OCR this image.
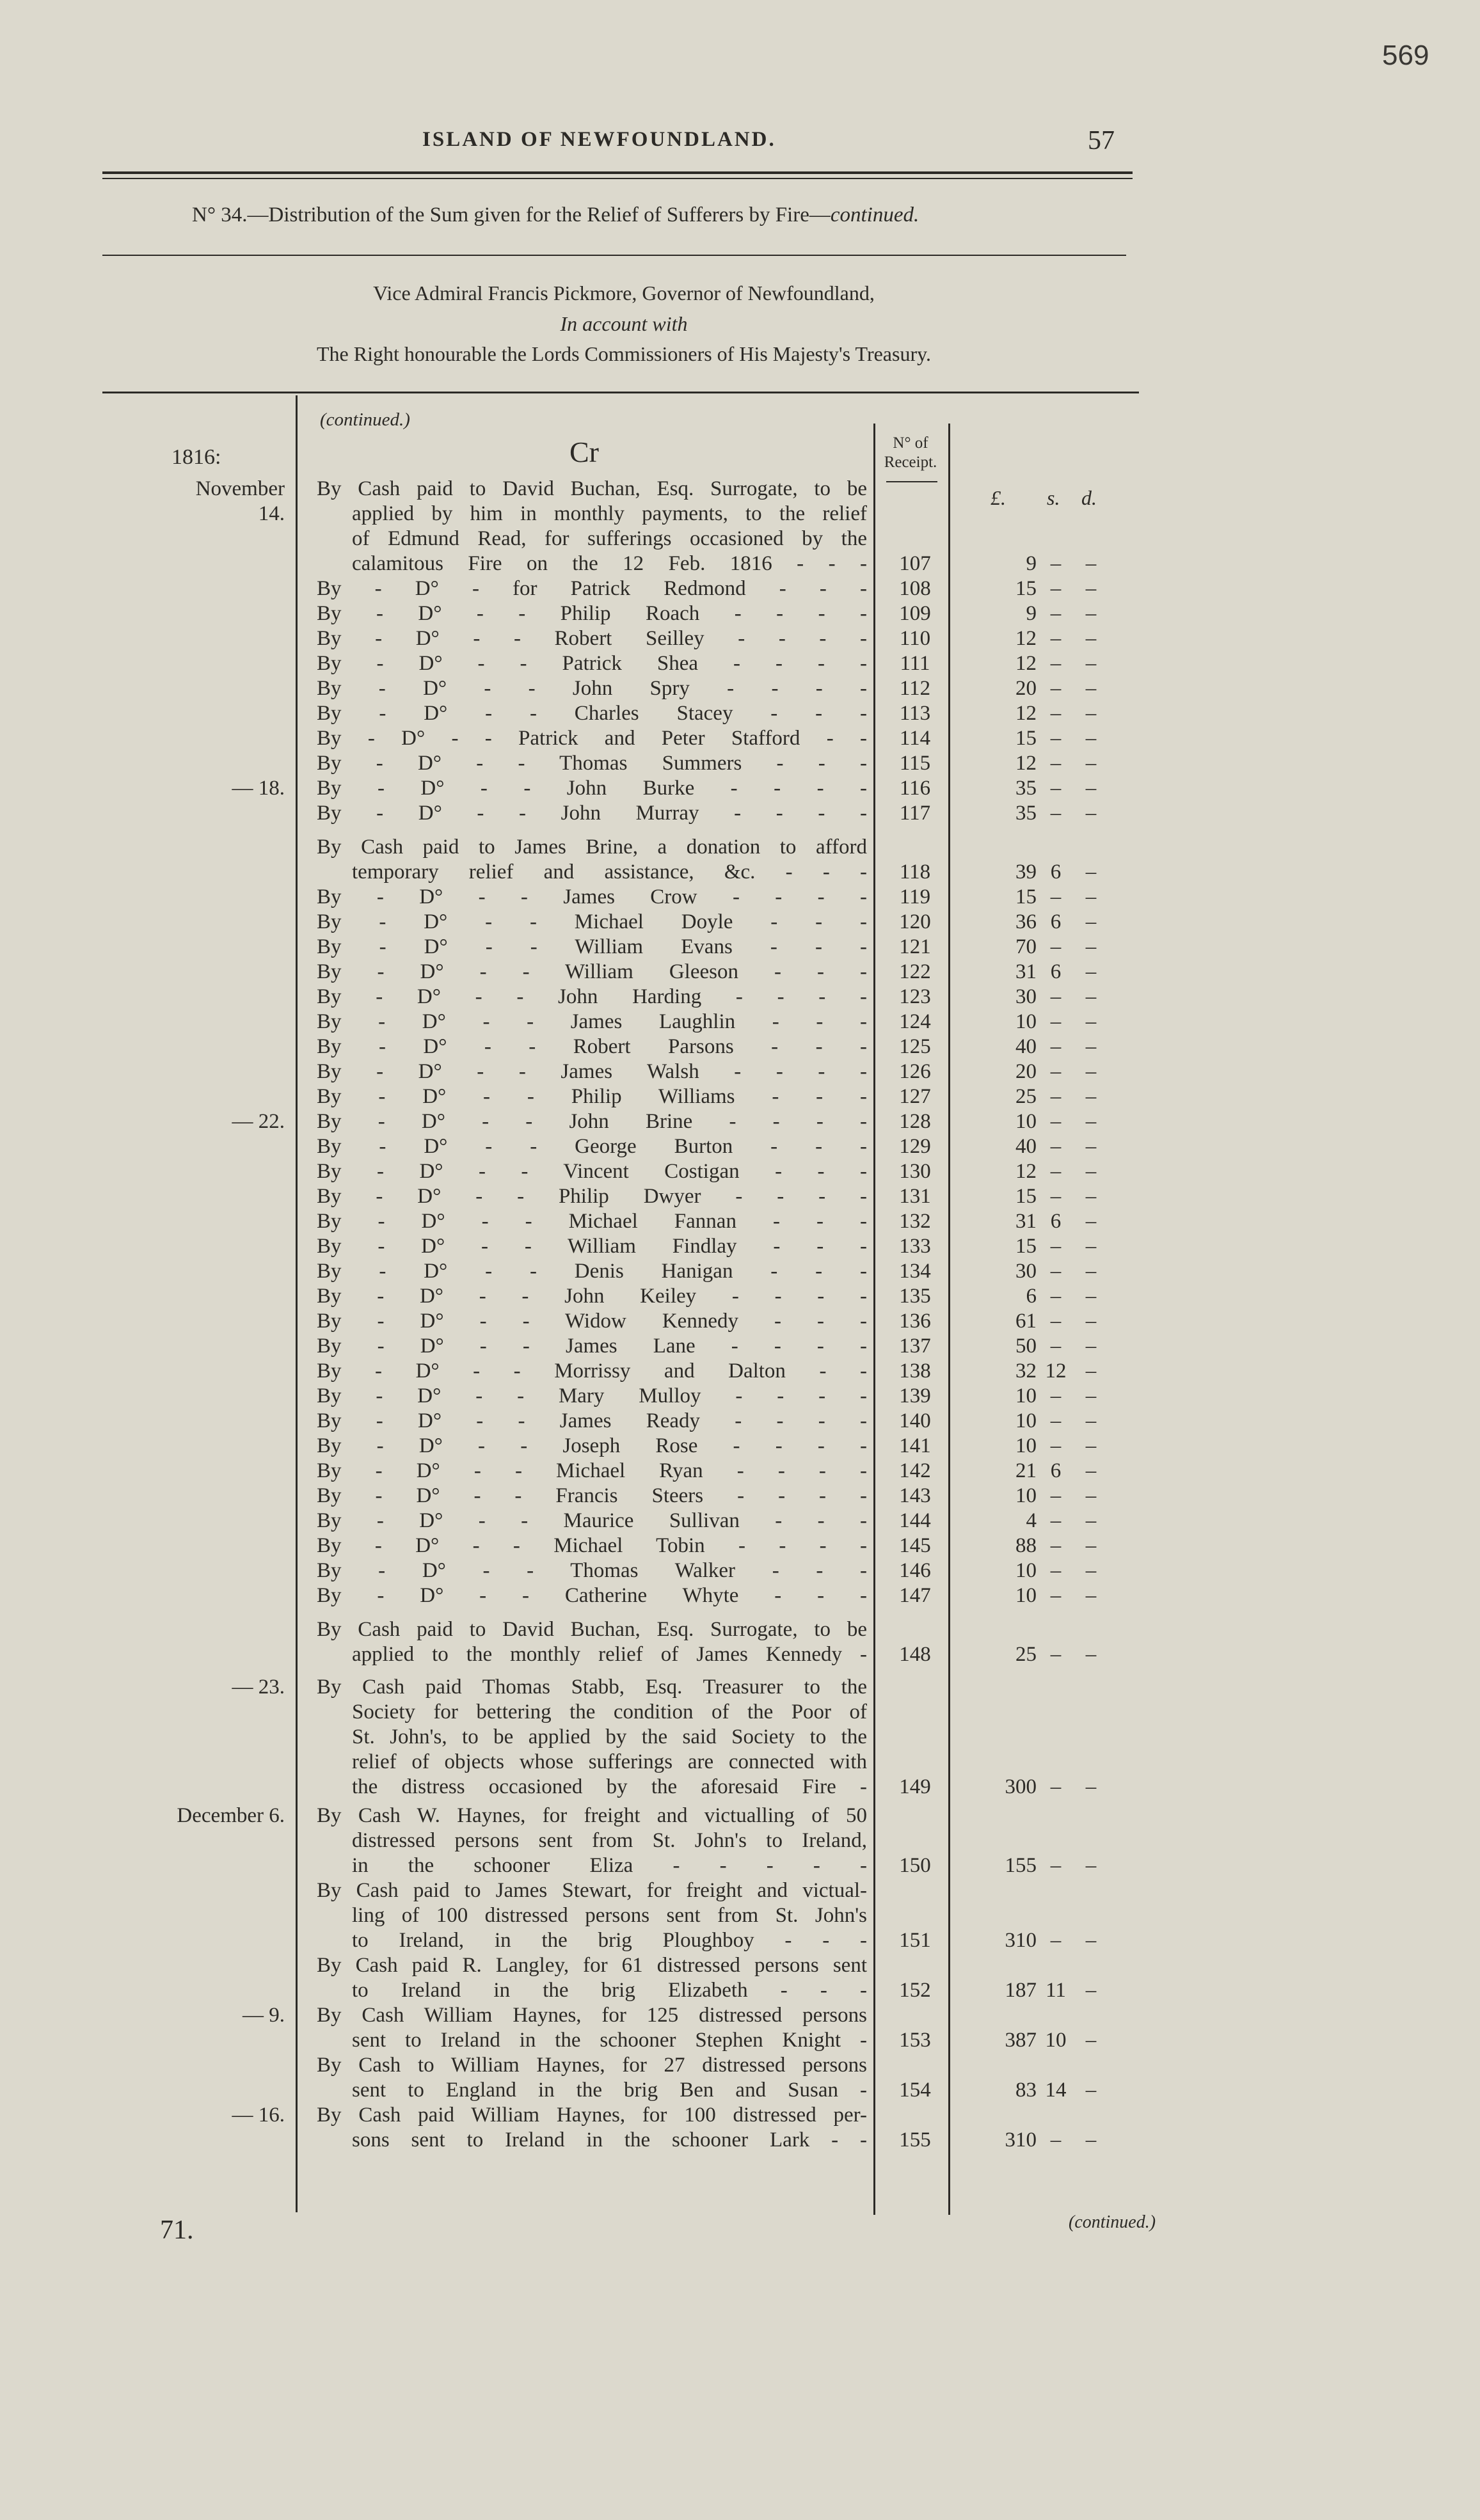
569
ISLAND OF NEWFOUNDLAND.	57
N° 34.—Distribution of the Sum given for the Relief of Sufferers by Fire—continued.
Vice Admiral Francis Pickmore, Governor of Newfoundland,
In account with
The Right honourable the Lords Commissioners of His Majesty's Treasury.
(continued.)
Cr
1816:
N° of Receipt.
£. s. d.
November 14.
By Cash paid to David Buchan, Esq. Surrogate, to be
applied by him in monthly payments, to the relief
of Edmund Read, for sufferings occasioned by the
calamitous Fire on the 12 Feb. 1816 - - -	107	9 – –
By - D° - for Patrick Redmond - - -	108	15 – –
By - D° - - Philip Roach - - - -	109	9 – –
By - D° - - Robert Seilley - - - -	110	12 – –
By - D° - - Patrick Shea - - - -	111	12 – –
By - D° - - John Spry - - - -	112	20 – –
By - D° - - Charles Stacey - - -	113	12 – –
By - D° - - Patrick and Peter Stafford - -	114	15 – –
By - D° - - Thomas Summers - - -	115	12 – –
— 18. By - D° - - John Burke - - - -	116	35 – –
By - D° - - John Murray - - - -	117	35 – –
By Cash paid to James Brine, a donation to afford
temporary relief and assistance, &c. - - -	118	39 6 –
By - D° - - James Crow - - - -	119	15 – –
By - D° - - Michael Doyle - - -	120	36 6 –
By - D° - - William Evans - - -	121	70 – –
By - D° - - William Gleeson - - -	122	31 6 –
By - D° - - John Harding - - - -	123	30 – –
By - D° - - James Laughlin - - -	124	10 – –
By - D° - - Robert Parsons - - -	125	40 – –
By - D° - - James Walsh - - - -	126	20 – –
By - D° - - Philip Williams - - -	127	25 – –
— 22. By - D° - - John Brine - - - -	128	10 – –
By - D° - - George Burton - - -	129	40 – –
By - D° - - Vincent Costigan - - -	130	12 – –
By - D° - - Philip Dwyer - - - -	131	15 – –
By - D° - - Michael Fannan - - -	132	31 6 –
By - D° - - William Findlay - - -	133	15 – –
By - D° - - Denis Hanigan - - -	134	30 – –
By - D° - - John Keiley - - - -	135	6 – –
By - D° - - Widow Kennedy - - -	136	61 – –
By - D° - - James Lane - - - -	137	50 – –
By - D° - - Morrissy and Dalton - -	138	32 12 –
By - D° - - Mary Mulloy - - - -	139	10 – –
By - D° - - James Ready - - - -	140	10 – –
By - D° - - Joseph Rose - - - -	141	10 – –
By - D° - - Michael Ryan - - - -	142	21 6 –
By - D° - - Francis Steers - - - -	143	10 – –
By - D° - - Maurice Sullivan - - -	144	4 – –
By - D° - - Michael Tobin - - - -	145	88 – –
By - D° - - Thomas Walker - - -	146	10 – –
By - D° - - Catherine Whyte - - -	147	10 – –
By Cash paid to David Buchan, Esq. Surrogate, to be
applied to the monthly relief of James Kennedy -	148	25 – –
— 23. By Cash paid Thomas Stabb, Esq. Treasurer to the
Society for bettering the condition of the Poor of
St. John's, to be applied by the said Society to the
relief of objects whose sufferings are connected with
the distress occasioned by the aforesaid Fire -	149	300 – –
December 6. By Cash W. Haynes, for freight and victualling of 50
distressed persons sent from St. John's to Ireland,
in the schooner Eliza - - - - -	150	155 – –
By Cash paid to James Stewart, for freight and victual-
ling of 100 distressed persons sent from St. John's
to Ireland, in the brig Ploughboy - - -	151	310 – –
By Cash paid R. Langley, for 61 distressed persons sent
to Ireland in the brig Elizabeth - - -	152	187 11 –
— 9. By Cash William Haynes, for 125 distressed persons
sent to Ireland in the schooner Stephen Knight -	153	387 10 –
By Cash to William Haynes, for 27 distressed persons
sent to England in the brig Ben and Susan -	154	83 14 –
— 16. By Cash paid William Haynes, for 100 distressed per-
sons sent to Ireland in the schooner Lark - -	155	310 – –
71.	(continued.)
